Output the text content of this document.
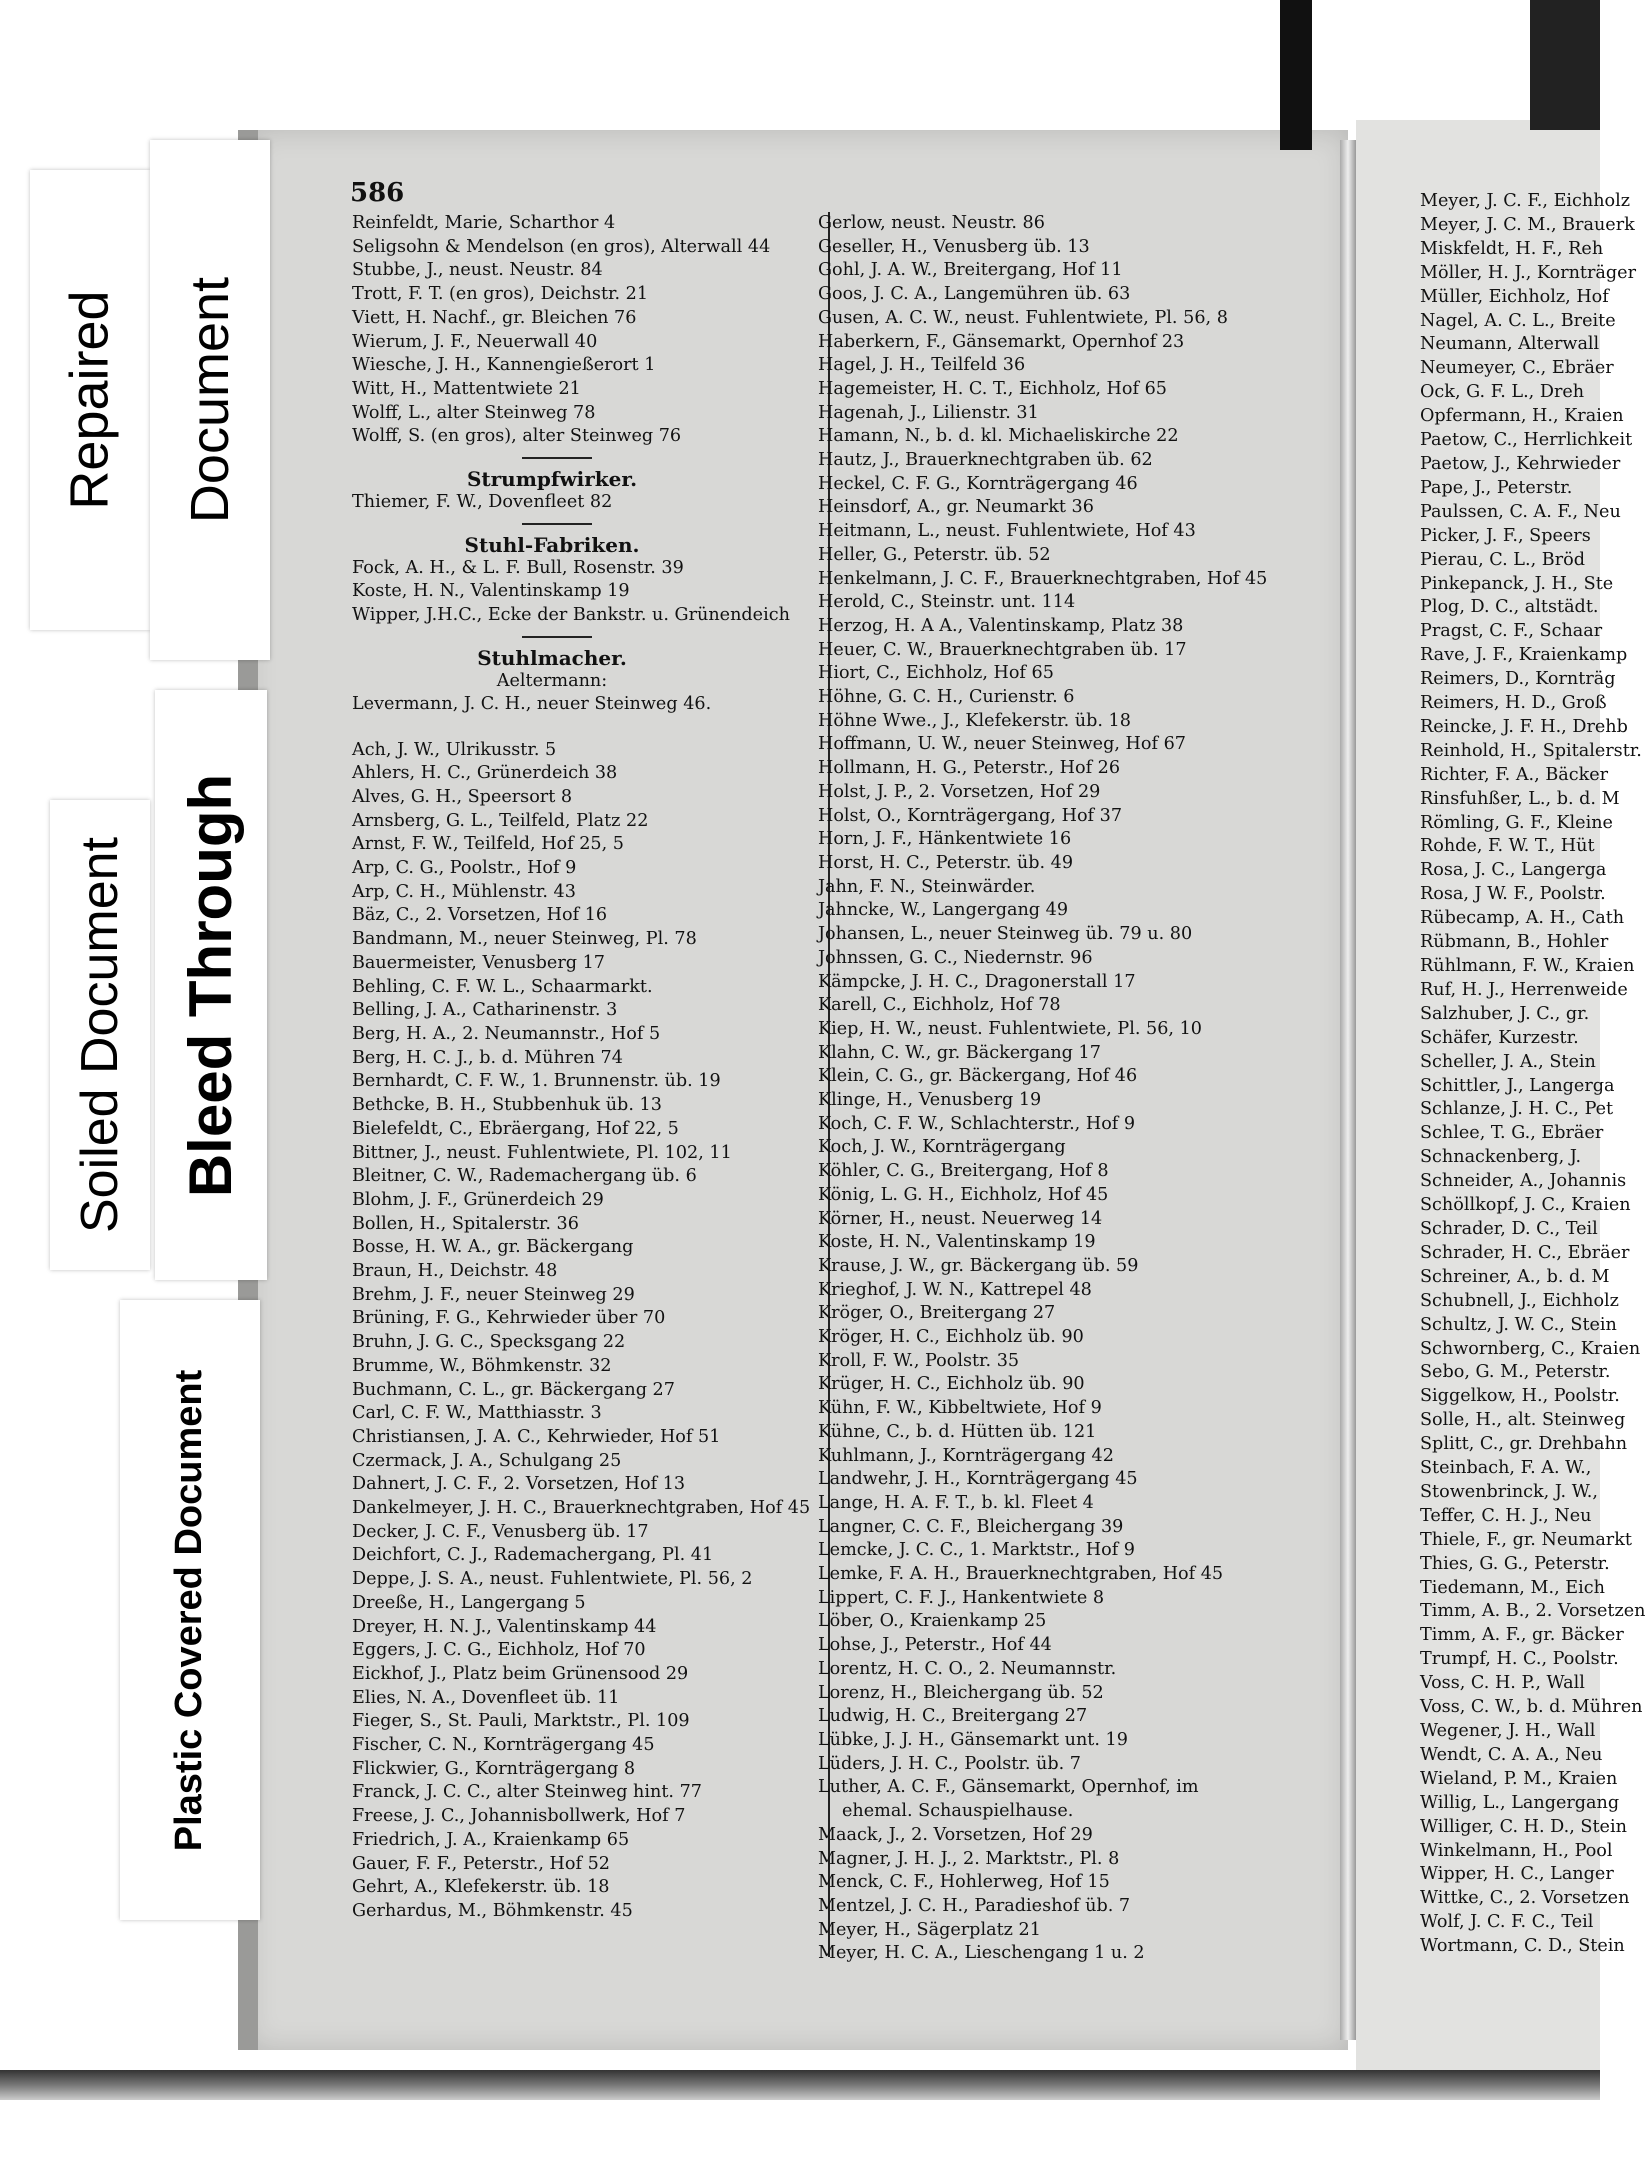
Repaired Document
Soiled Document Bleed Through
Plastic Covered Document
586
Reinfeldt, Marie, Scharthor 4
Seligsohn & Mendelson (en gros), Alterwall 44
Stubbe, J., neust. Neustr. 84
Trott, F. T. (en gros), Deichstr. 21
Viett, H. Nachf., gr. Bleichen 76
Wierum, J. F., Neuerwall 40
Wiesche, J. H., Kannengießerort 1
Witt, H., Mattentwiete 21
Wolff, L., alter Steinweg 78
Wolff, S. (en gros), alter Steinweg 76
Strumpfwirker.
Thiemer, F. W., Dovenfleet 82
Stuhl-Fabriken.
Fock, A. H., & L. F. Bull, Rosenstr. 39
Koste, H. N., Valentinskamp 19
Wipper, J.H.C., Ecke der Bankstr. u. Grünendeich
Stuhlmacher.
Aeltermann:
Levermann, J. C. H., neuer Steinweg 46.
Ach, J. W., Ulrikusstr. 5
Ahlers, H. C., Grünerdeich 38
Alves, G. H., Speersort 8
Arnsberg, G. L., Teilfeld, Platz 22
Arnst, F. W., Teilfeld, Hof 25, 5
Arp, C. G., Poolstr., Hof 9
Arp, C. H., Mühlenstr. 43
Bäz, C., 2. Vorsetzen, Hof 16
Bandmann, M., neuer Steinweg, Pl. 78
Bauermeister, Venusberg 17
Behling, C. F. W. L., Schaarmarkt.
Belling, J. A., Catharinenstr. 3
Berg, H. A., 2. Neumannstr., Hof 5
Berg, H. C. J., b. d. Mühren 74
Bernhardt, C. F. W., 1. Brunnenstr. üb. 19
Bethcke, B. H., Stubbenhuk üb. 13
Bielefeldt, C., Ebräergang, Hof 22, 5
Bittner, J., neust. Fuhlentwiete, Pl. 102, 11
Bleitner, C. W., Rademachergang üb. 6
Blohm, J. F., Grünerdeich 29
Bollen, H., Spitalerstr. 36
Bosse, H. W. A., gr. Bäckergang
Braun, H., Deichstr. 48
Brehm, J. F., neuer Steinweg 29
Brüning, F. G., Kehrwieder über 70
Bruhn, J. G. C., Specksgang 22
Brumme, W., Böhmkenstr. 32
Buchmann, C. L., gr. Bäckergang 27
Carl, C. F. W., Matthiasstr. 3
Christiansen, J. A. C., Kehrwieder, Hof 51
Czermack, J. A., Schulgang 25
Dahnert, J. C. F., 2. Vorsetzen, Hof 13
Dankelmeyer, J. H. C., Brauerknechtgraben, Hof 45
Decker, J. C. F., Venusberg üb. 17
Deichfort, C. J., Rademachergang, Pl. 41
Deppe, J. S. A., neust. Fuhlentwiete, Pl. 56, 2
Dreeße, H., Langergang 5
Dreyer, H. N. J., Valentinskamp 44
Eggers, J. C. G., Eichholz, Hof 70
Eickhof, J., Platz beim Grünensood 29
Elies, N. A., Dovenfleet üb. 11
Fieger, S., St. Pauli, Marktstr., Pl. 109
Fischer, C. N., Kornträgergang 45
Flickwier, G., Kornträgergang 8
Franck, J. C. C., alter Steinweg hint. 77
Freese, J. C., Johannisbollwerk, Hof 7
Friedrich, J. A., Kraienkamp 65
Gauer, F. F., Peterstr., Hof 52
Gehrt, A., Klefekerstr. üb. 18
Gerhardus, M., Böhmkenstr. 45
Gerlow, neust. Neustr. 86
Geseller, H., Venusberg üb. 13
Gohl, J. A. W., Breitergang, Hof 11
Goos, J. C. A., Langemühren üb. 63
Gusen, A. C. W., neust. Fuhlentwiete, Pl. 56, 8
Haberkern, F., Gänsemarkt, Opernhof 23
Hagel, J. H., Teilfeld 36
Hagemeister, H. C. T., Eichholz, Hof 65
Hagenah, J., Lilienstr. 31
Hamann, N., b. d. kl. Michaeliskirche 22
Hautz, J., Brauerknechtgraben üb. 62
Heckel, C. F. G., Kornträgergang 46
Heinsdorf, A., gr. Neumarkt 36
Heitmann, L., neust. Fuhlentwiete, Hof 43
Heller, G., Peterstr. üb. 52
Henkelmann, J. C. F., Brauerknechtgraben, Hof 45
Herold, C., Steinstr. unt. 114
Herzog, H. A A., Valentinskamp, Platz 38
Heuer, C. W., Brauerknechtgraben üb. 17
Hiort, C., Eichholz, Hof 65
Höhne, G. C. H., Curienstr. 6
Höhne Wwe., J., Klefekerstr. üb. 18
Hoffmann, U. W., neuer Steinweg, Hof 67
Hollmann, H. G., Peterstr., Hof 26
Holst, J. P., 2. Vorsetzen, Hof 29
Holst, O., Kornträgergang, Hof 37
Horn, J. F., Hänkentwiete 16
Horst, H. C., Peterstr. üb. 49
Jahn, F. N., Steinwärder.
Jahncke, W., Langergang 49
Johansen, L., neuer Steinweg üb. 79 u. 80
Johnssen, G. C., Niedernstr. 96
Kämpcke, J. H. C., Dragonerstall 17
Karell, C., Eichholz, Hof 78
Kiep, H. W., neust. Fuhlentwiete, Pl. 56, 10
Klahn, C. W., gr. Bäckergang 17
Klein, C. G., gr. Bäckergang, Hof 46
Klinge, H., Venusberg 19
Koch, C. F. W., Schlachterstr., Hof 9
Koch, J. W., Kornträgergang
Köhler, C. G., Breitergang, Hof 8
König, L. G. H., Eichholz, Hof 45
Körner, H., neust. Neuerweg 14
Koste, H. N., Valentinskamp 19
Krause, J. W., gr. Bäckergang üb. 59
Krieghof, J. W. N., Kattrepel 48
Kröger, O., Breitergang 27
Kröger, H. C., Eichholz üb. 90
Kroll, F. W., Poolstr. 35
Krüger, H. C., Eichholz üb. 90
Kühn, F. W., Kibbeltwiete, Hof 9
Kühne, C., b. d. Hütten üb. 121
Kuhlmann, J., Kornträgergang 42
Landwehr, J. H., Kornträgergang 45
Lange, H. A. F. T., b. kl. Fleet 4
Langner, C. C. F., Bleichergang 39
Lemcke, J. C. C., 1. Marktstr., Hof 9
Lemke, F. A. H., Brauerknechtgraben, Hof 45
Lippert, C. F. J., Hankentwiete 8
Löber, O., Kraienkamp 25
Lohse, J., Peterstr., Hof 44
Lorentz, H. C. O., 2. Neumannstr.
Lorenz, H., Bleichergang üb. 52
Ludwig, H. C., Breitergang 27
Lübke, J. J. H., Gänsemarkt unt. 19
Lüders, J. H. C., Poolstr. üb. 7
Luther, A. C. F., Gänsemarkt, Opernhof, im
ehemal. Schauspielhause.
Maack, J., 2. Vorsetzen, Hof 29
Magner, J. H. J., 2. Marktstr., Pl. 8
Menck, C. F., Hohlerweg, Hof 15
Mentzel, J. C. H., Paradieshof üb. 7
Meyer, H., Sägerplatz 21
Meyer, H. C. A., Lieschengang 1 u. 2
Meyer, J. C. F., Eichholz
Meyer, J. C. M., Brauerk
Miskfeldt, H. F., Reh
Möller, H. J., Kornträger
Müller, Eichholz, Hof
Nagel, A. C. L., Breite
Neumann, Alterwall
Neumeyer, C., Ebräer
Ock, G. F. L., Dreh
Opfermann, H., Kraien
Paetow, C., Herrlichkeit
Paetow, J., Kehrwieder
Pape, J., Peterstr.
Paulssen, C. A. F., Neu
Picker, J. F., Speers
Pierau, C. L., Bröd
Pinkepanck, J. H., Ste
Plog, D. C., altstädt.
Pragst, C. F., Schaar
Rave, J. F., Kraienkamp
Reimers, D., Kornträg
Reimers, H. D., Groß
Reincke, J. F. H., Drehb
Reinhold, H., Spitalerstr.
Richter, F. A., Bäcker
Rinsfuhßer, L., b. d. M
Römling, G. F., Kleine
Rohde, F. W. T., Hüt
Rosa, J. C., Langerga
Rosa, J W. F., Poolstr.
Rübecamp, A. H., Cath
Rübmann, B., Hohler
Rühlmann, F. W., Kraien
Ruf, H. J., Herrenweide
Salzhuber, J. C., gr.
Schäfer, Kurzestr.
Scheller, J. A., Stein
Schittler, J., Langerga
Schlanze, J. H. C., Pet
Schlee, T. G., Ebräer
Schnackenberg, J.
Schneider, A., Johannis
Schöllkopf, J. C., Kraien
Schrader, D. C., Teil
Schrader, H. C., Ebräer
Schreiner, A., b. d. M
Schubnell, J., Eichholz
Schultz, J. W. C., Stein
Schwornberg, C., Kraien
Sebo, G. M., Peterstr.
Siggelkow, H., Poolstr.
Solle, H., alt. Steinweg
Splitt, C., gr. Drehbahn
Steinbach, F. A. W.,
Stowenbrinck, J. W.,
Teffer, C. H. J., Neu
Thiele, F., gr. Neumarkt
Thies, G. G., Peterstr.
Tiedemann, M., Eich
Timm, A. B., 2. Vorsetzen
Timm, A. F., gr. Bäcker
Trumpf, H. C., Poolstr.
Voss, C. H. P., Wall
Voss, C. W., b. d. Mühren
Wegener, J. H., Wall
Wendt, C. A. A., Neu
Wieland, P. M., Kraien
Willig, L., Langergang
Williger, C. H. D., Stein
Winkelmann, H., Pool
Wipper, H. C., Langer
Wittke, C., 2. Vorsetzen
Wolf, J. C. F. C., Teil
Wortmann, C. D., Stein
